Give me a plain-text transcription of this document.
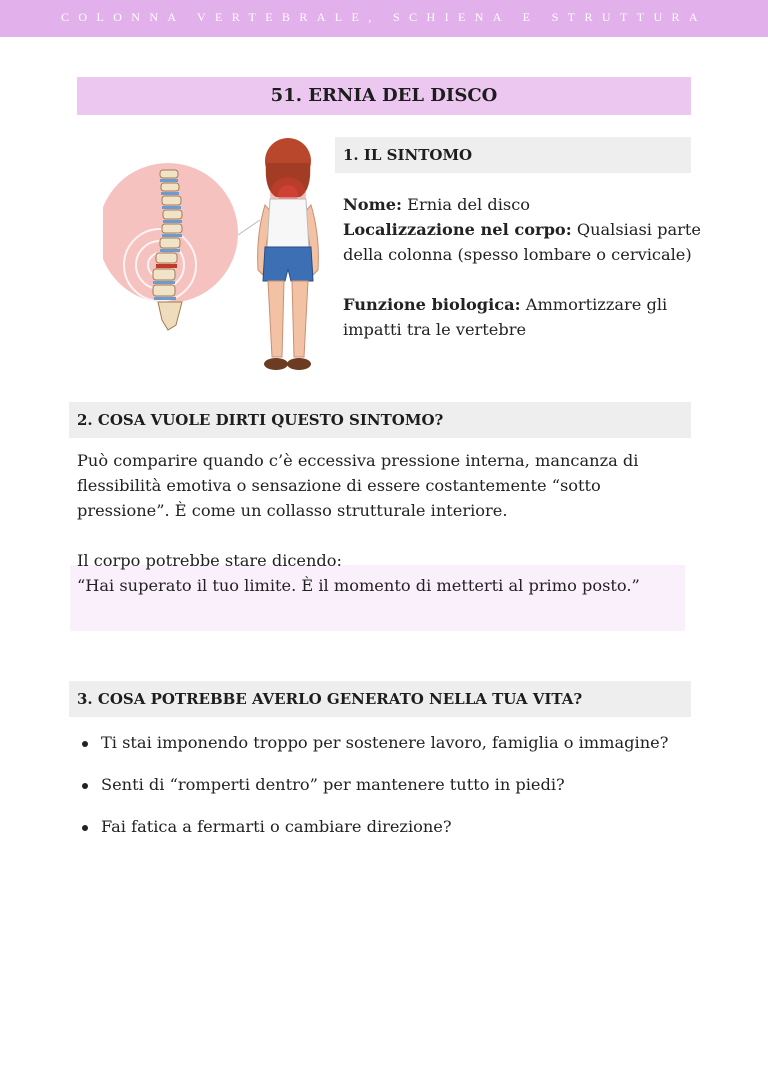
COLONNA VERTEBRALE, SCHIENA E STRUTTURA
51. ERNIA DEL DISCO
1. IL SINTOMO
Nome: Ernia del disco
Localizzazione nel corpo: Qualsiasi parte della colonna (spesso lombare o cervicale)
Funzione biologica: Ammortizzare gli impatti tra le vertebre
2. COSA VUOLE DIRTI QUESTO SINTOMO?
Può comparire quando c’è eccessiva pressione interna, mancanza di flessibilità emotiva o sensazione di essere costantemente “sotto pressione”. È come un collasso strutturale interiore.
Il corpo potrebbe stare dicendo:
“Hai superato il tuo limite. È il momento di metterti al primo posto.”
3. COSA POTREBBE AVERLO GENERATO NELLA TUA VITA?
Ti stai imponendo troppo per sostenere lavoro, famiglia o immagine?
Senti di “romperti dentro” per mantenere tutto in piedi?
Fai fatica a fermarti o cambiare direzione?
